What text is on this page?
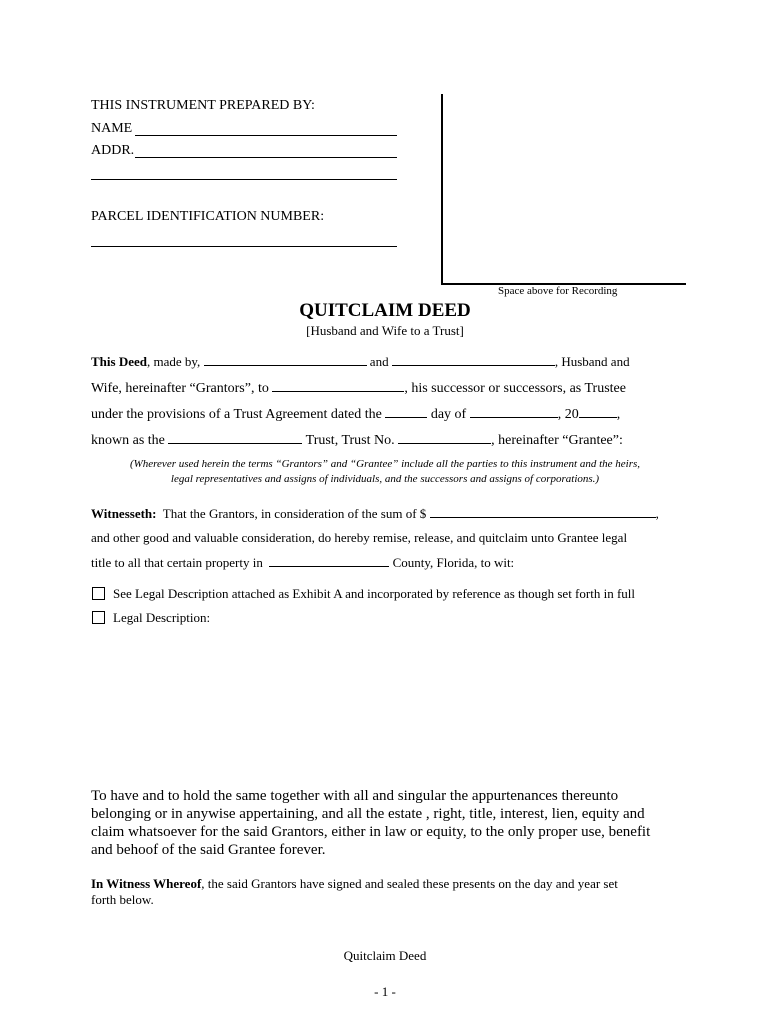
THIS INSTRUMENT PREPARED BY:
NAME
ADDR.
PARCEL IDENTIFICATION NUMBER:
Space above for Recording
QUITCLAIM DEED
[Husband and Wife to a Trust]
This Deed, made by,	and	, Husband and
Wife, hereinafter “Grantors”, to	, his successor or successors, as Trustee
under the provisions of a Trust Agreement dated the	day of	, 20	,
known as the	Trust, Trust No.	, hereinafter “Grantee”:
(Wherever used herein the terms “Grantors” and “Grantee” include all the parties to this instrument and the heirs,
legal representatives and assigns of individuals, and the successors and assigns of corporations.)
Witnesseth: That the Grantors, in consideration of the sum of $	,
and other good and valuable consideration, do hereby remise, release, and quitclaim unto Grantee legal
title to all that certain property in	County, Florida, to wit:
See Legal Description attached as Exhibit A and incorporated by reference as though set forth in full
Legal Description:
To have and to hold the same together with all and singular the appurtenances thereunto
belonging or in anywise appertaining, and all the estate , right, title, interest, lien, equity and
claim whatsoever for the said Grantors, either in law or equity, to the only proper use, benefit
and behoof of the said Grantee forever.
In Witness Whereof, the said Grantors have signed and sealed these presents on the day and year set
forth below.
Quitclaim Deed
- 1 -
